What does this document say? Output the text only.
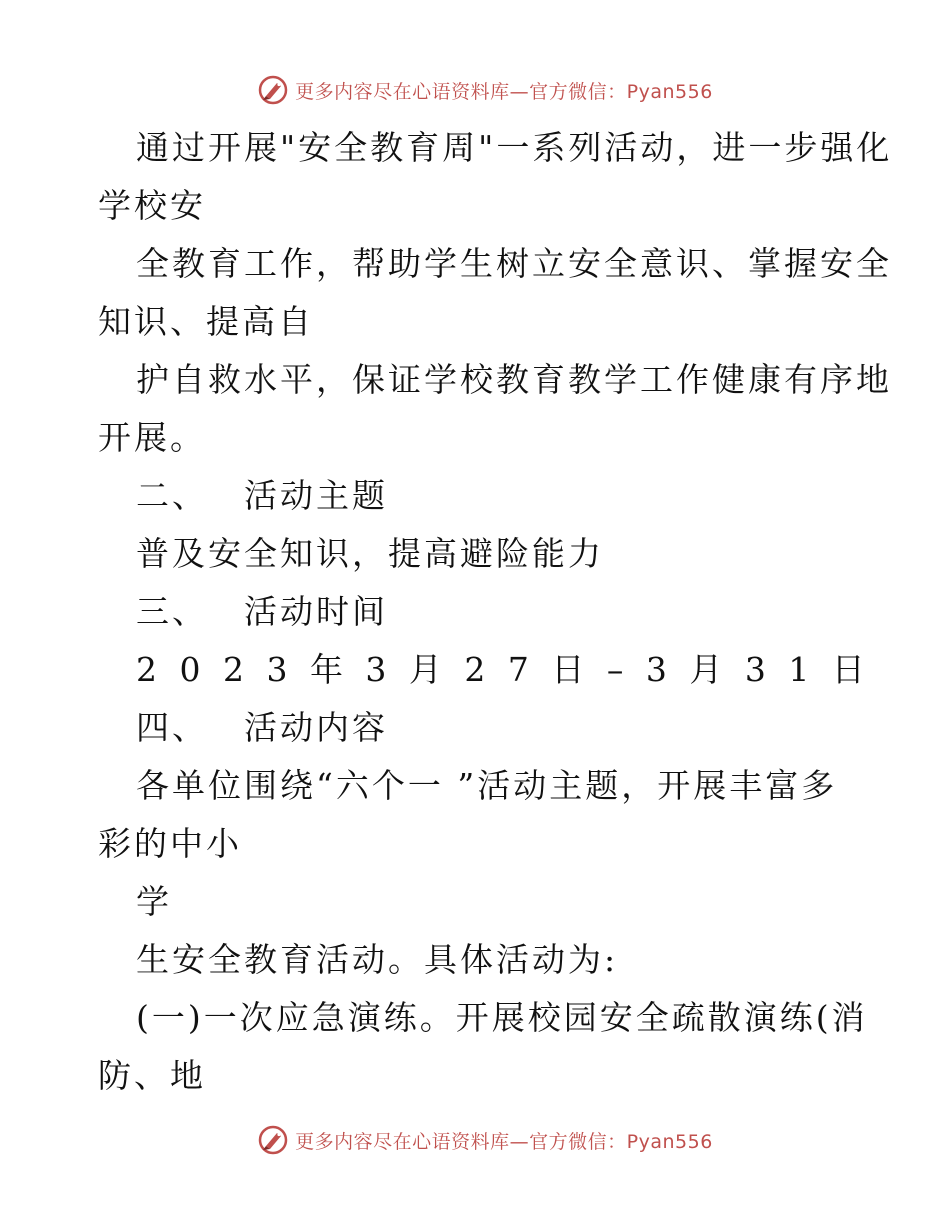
更多内容尽在心语资料库—官方微信：Pyan556
通过开展"安全教育周"一系列活动，进一步强化
学校安
全教育工作，帮助学生树立安全意识、掌握安全
知识、提高自
护自救水平，保证学校教育教学工作健康有序地
开展。
二、 活动主题
普及安全知识，提高避险能力
三、 活动时间
2 0 2 3 年 3 月 2 7 日 – 3 月 3 1 日
四、 活动内容
各单位围绕“六个一 ”活动主题，开展丰富多
彩的中小
学
生安全教育活动。具体活动为:
(一)一次应急演练。开展校园安全疏散演练(消
防、地
更多内容尽在心语资料库—官方微信：Pyan556
